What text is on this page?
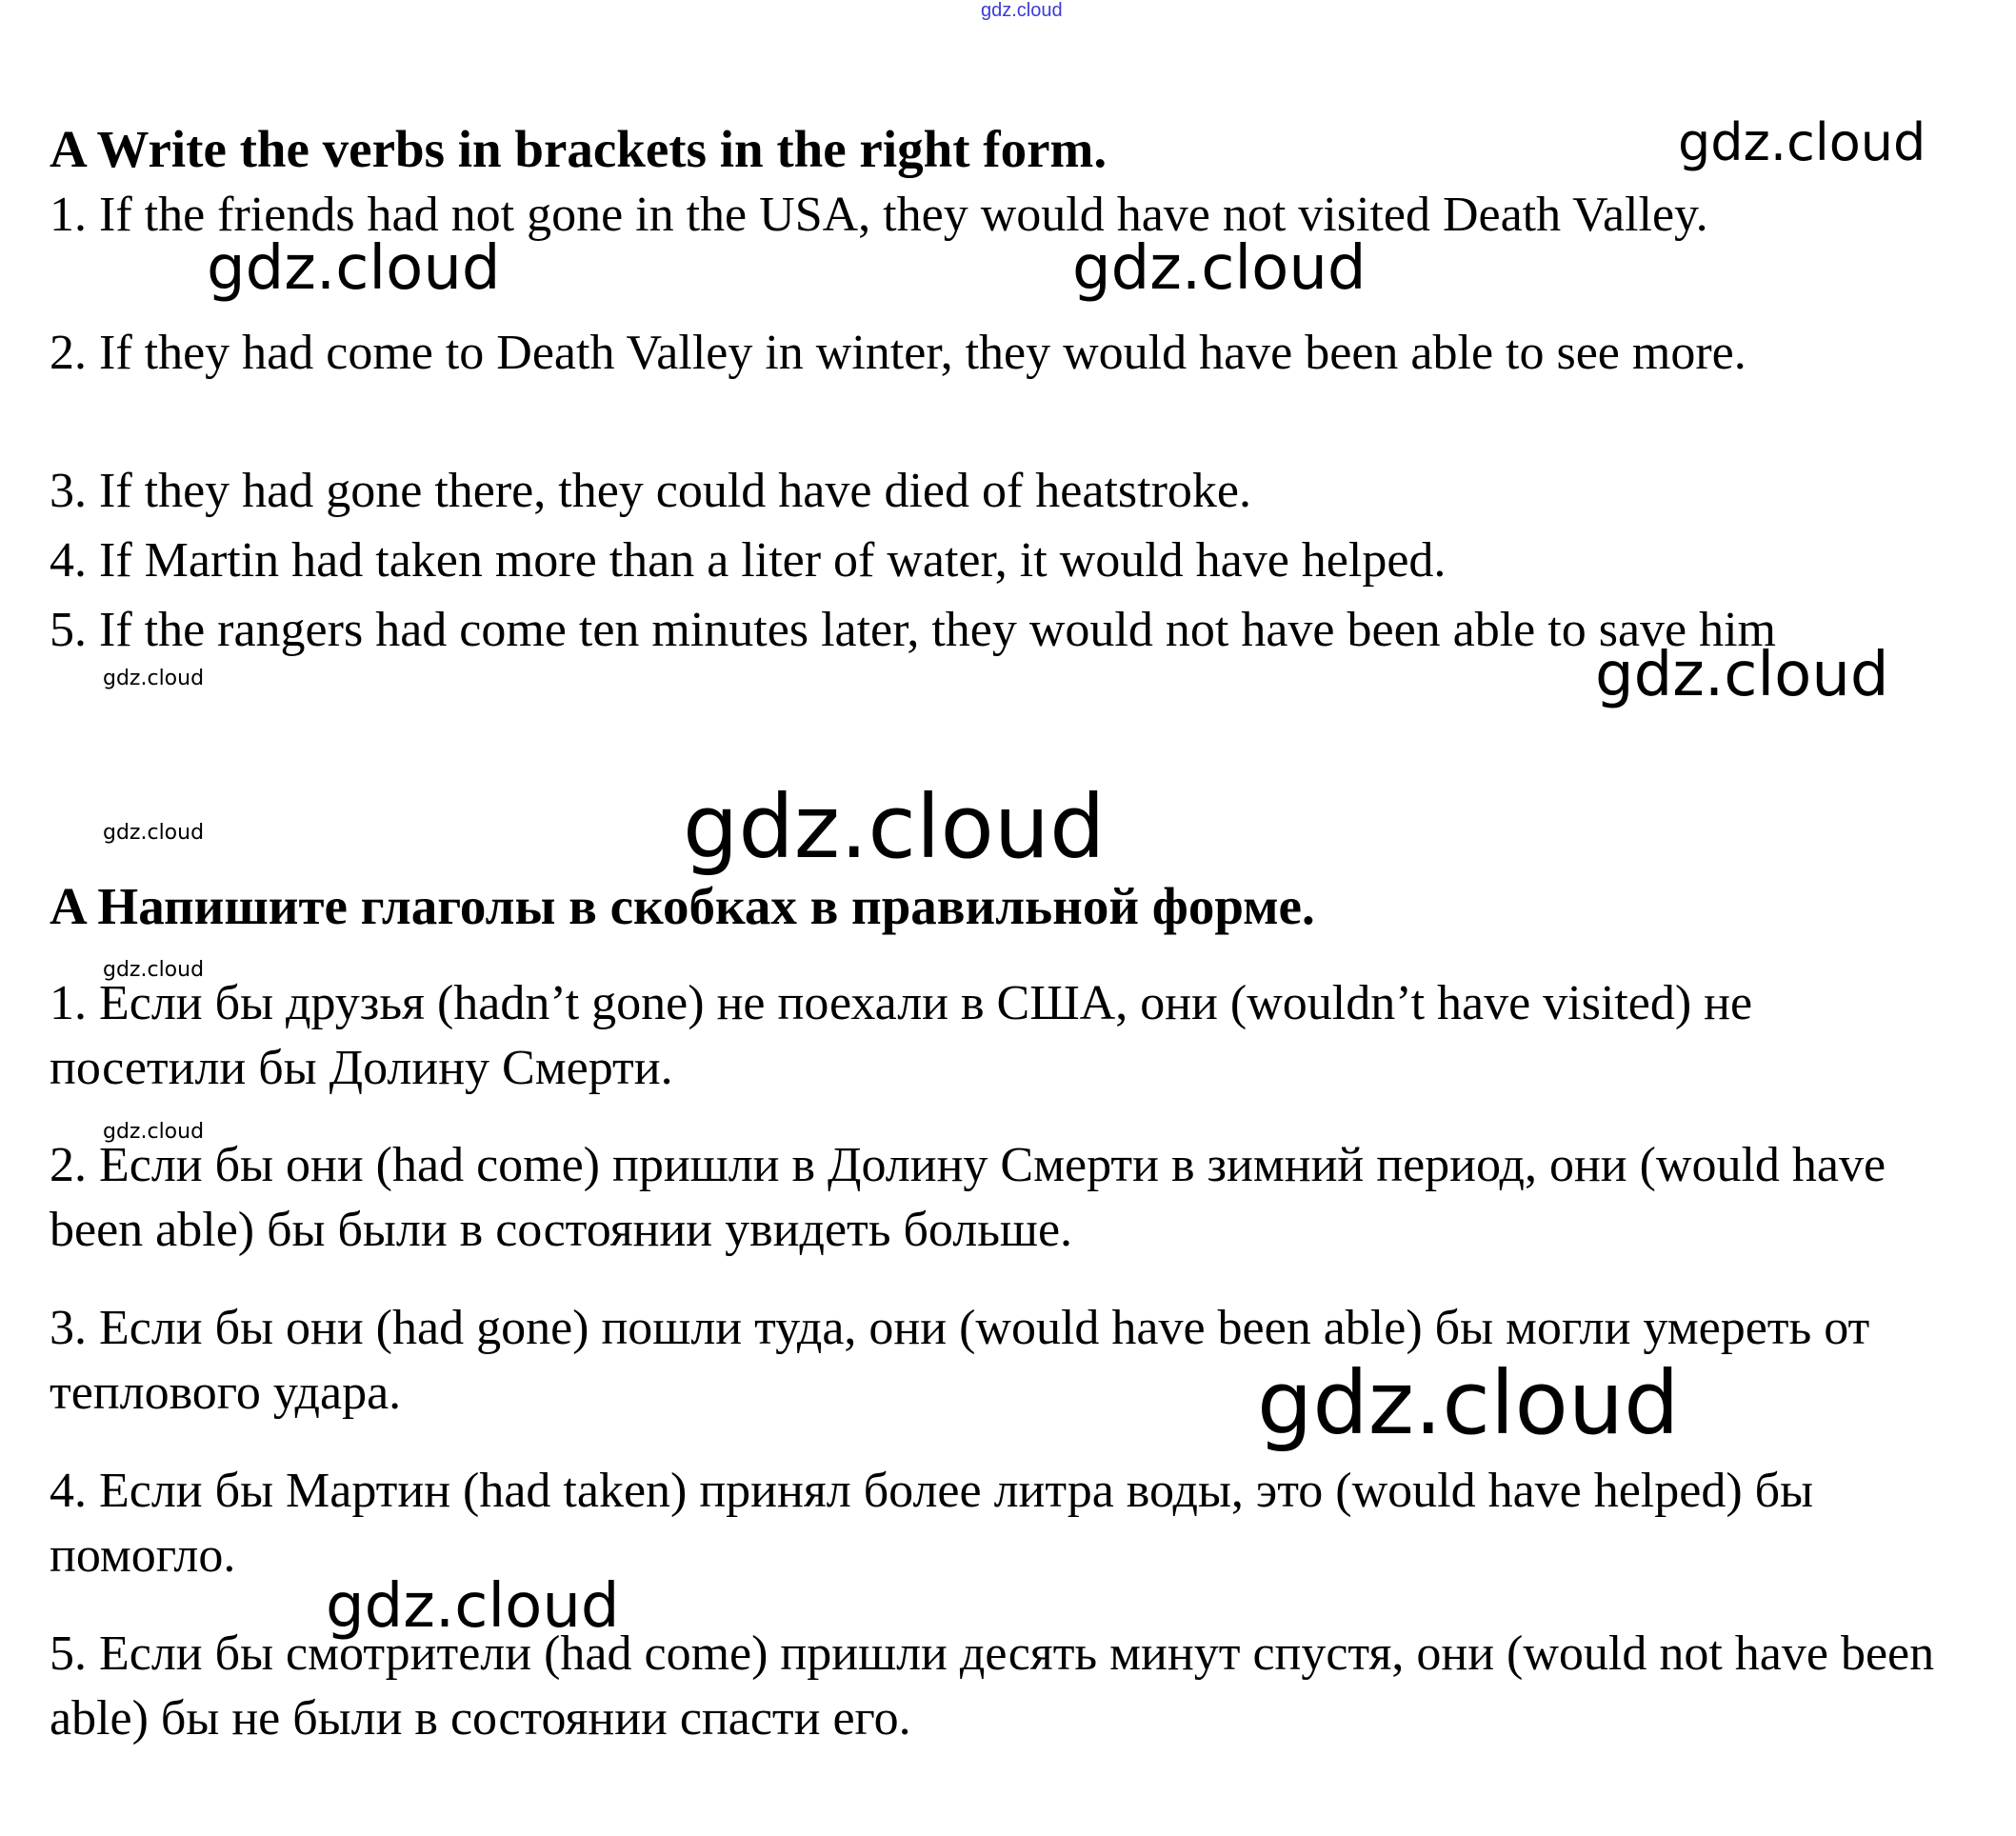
gdz.cloud
A Write the verbs in brackets in the right form.

1. If the friends had not gone in the USA, they would have not visited Death Valley.

2. If they had come to Death Valley in winter, they would have been able to see more.

3. If they had gone there, they could have died of heatstroke.

4. If Martin had taken more than a liter of water, it would have helped.

5. If the rangers had come ten minutes later, they would not have been able to save him

A Напишите глаголы в скобках в правильной форме.

1. Если бы друзья (hadn’t gone) не поехали в США, они (wouldn’t have visited) не посетили бы Долину Смерти.

2. Если бы они (had come) пришли в Долину Смерти в зимний период, они (would have been able) бы были в состоянии увидеть больше.

3. Если бы они (had gone) пошли туда, они (would have been able) бы могли умереть от теплового удара.

4. Если бы Мартин (had taken) принял более литра воды, это (would have helped) бы помогло.

5. Если бы смотрители (had come) пришли десять минут спустя, они (would not have been able) бы не были в состоянии спасти его.

gdz.cloud
gdz.cloud	gdz.cloud
gdz.cloud
gdz.cloud
gdz.cloud	gdz.cloud
gdz.cloud
gdz.cloud
gdz.cloud
gdz.cloud
